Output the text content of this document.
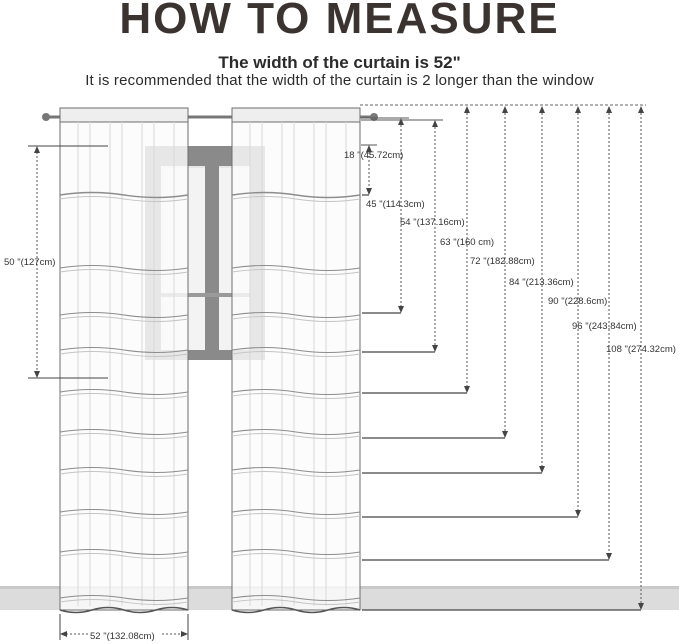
50 "(127cm)
52 "(132.08cm)
18 "(45.72cm)
45 "(114.3cm)
54 "(137.16cm)
63 "(160 cm)
72 "(182.88cm)
84 "(213.36cm)
90 "(228.6cm)
96 "(243.84cm)
108 "(274.32cm)
HOW TO MEASURE
The width of the curtain is 52"
It is recommended that the width of the curtain is 2 longer than the window
